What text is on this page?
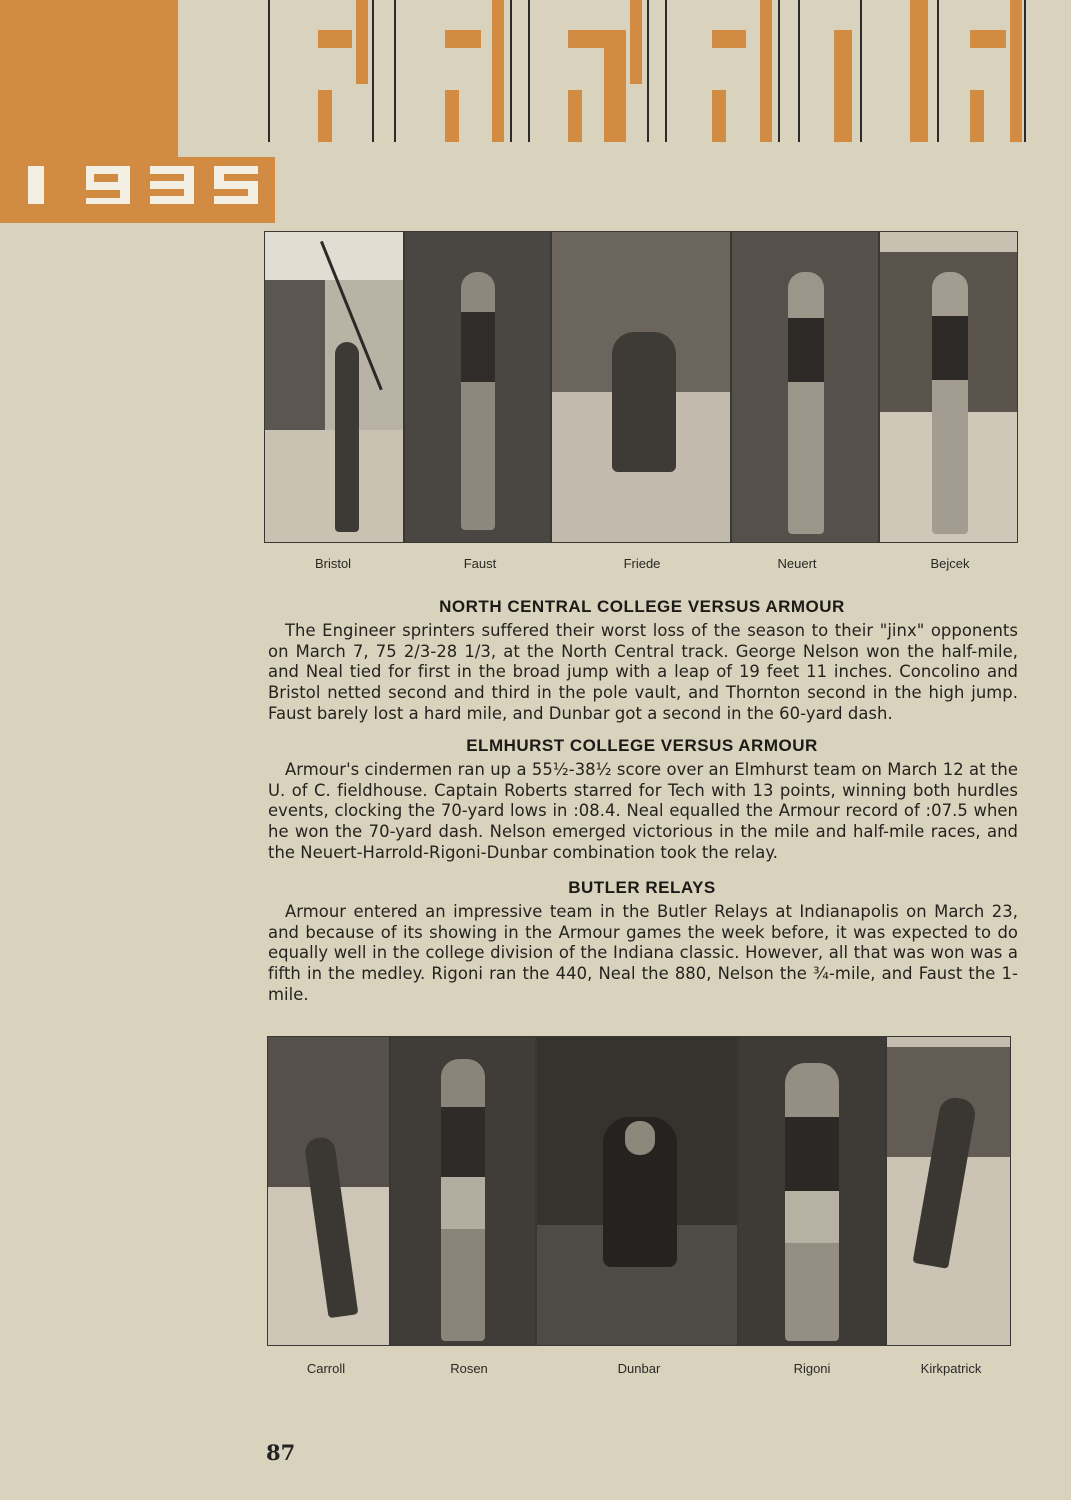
Bristol	Faust	Friede	Neuert	Bejcek
NORTH CENTRAL COLLEGE VERSUS ARMOUR
The Engineer sprinters suffered their worst loss of the season to their "jinx" opponents on March 7, 75 2/3-28 1/3, at the North Central track. George Nelson won the half-mile, and Neal tied for first in the broad jump with a leap of 19 feet 11 inches. Concolino and Bristol netted second and third in the pole vault, and Thornton second in the high jump. Faust barely lost a hard mile, and Dunbar got a second in the 60-yard dash.
ELMHURST COLLEGE VERSUS ARMOUR
Armour's cindermen ran up a 55½-38½ score over an Elmhurst team on March 12 at the U. of C. fieldhouse. Captain Roberts starred for Tech with 13 points, winning both hurdles events, clocking the 70-yard lows in :08.4. Neal equalled the Armour record of :07.5 when he won the 70-yard dash. Nelson emerged victorious in the mile and half-mile races, and the Neuert-Harrold-Rigoni-Dunbar combination took the relay.
BUTLER RELAYS
Armour entered an impressive team in the Butler Relays at Indianapolis on March 23, and because of its showing in the Armour games the week before, it was expected to do equally well in the college division of the Indiana classic. However, all that was won was a fifth in the medley. Rigoni ran the 440, Neal the 880, Nelson the ¾-mile, and Faust the 1-mile.
Carroll	Rosen	Dunbar	Rigoni	Kirkpatrick
87
